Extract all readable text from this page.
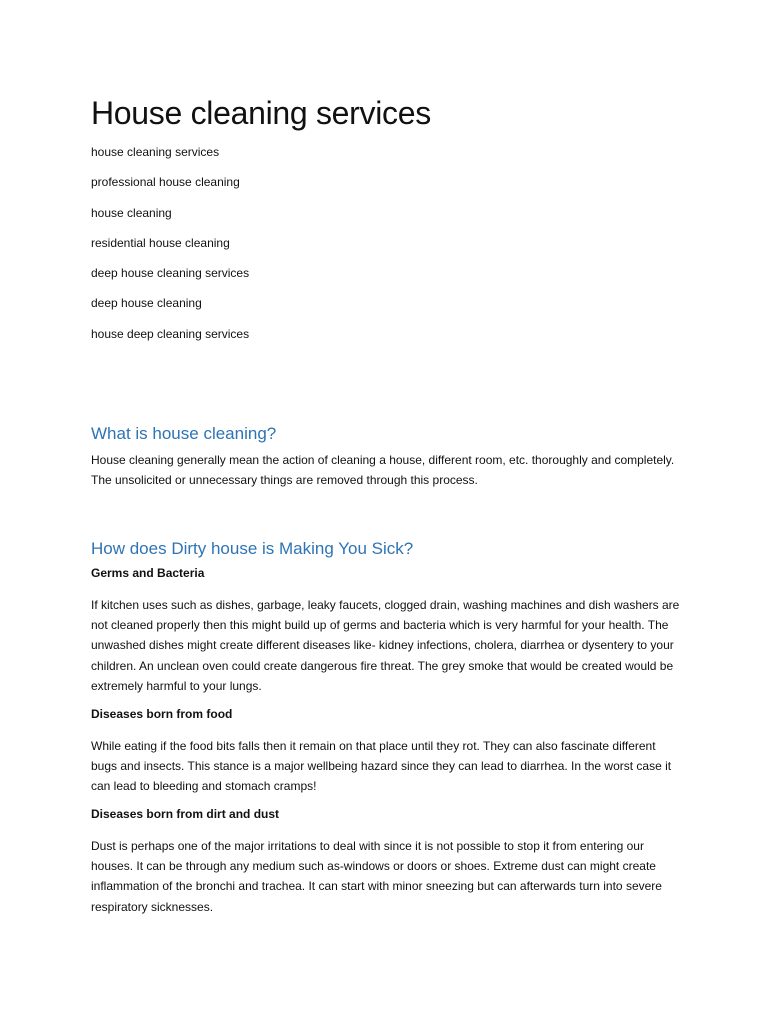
House cleaning services
house cleaning services
professional house cleaning
house cleaning
residential house cleaning
deep house cleaning services
deep house cleaning
house deep cleaning services
What is house cleaning?

House cleaning generally mean the action of cleaning a house, different room, etc. thoroughly and completely. The unsolicited or unnecessary things are removed through this process.

How does Dirty house is Making You Sick?
Germs and Bacteria

If kitchen uses such as dishes, garbage, leaky faucets, clogged drain, washing machines and dish washers are not cleaned properly then this might build up of germs and bacteria which is very harmful for your health. The unwashed dishes might create different diseases like- kidney infections, cholera, diarrhea or dysentery to your children. An unclean oven could create dangerous fire threat. The grey smoke that would be created would be extremely harmful to your lungs.

Diseases born from food

While eating if the food bits falls then it remain on that place until they rot. They can also fascinate different bugs and insects. This stance is a major wellbeing hazard since they can lead to diarrhea. In the worst case it can lead to bleeding and stomach cramps!

Diseases born from dirt and dust

Dust is perhaps one of the major irritations to deal with since it is not possible to stop it from entering our houses. It can be through any medium such as-windows or doors or shoes. Extreme dust can might create inflammation of the bronchi and trachea. It can start with minor sneezing but can afterwards turn into severe respiratory sicknesses.
